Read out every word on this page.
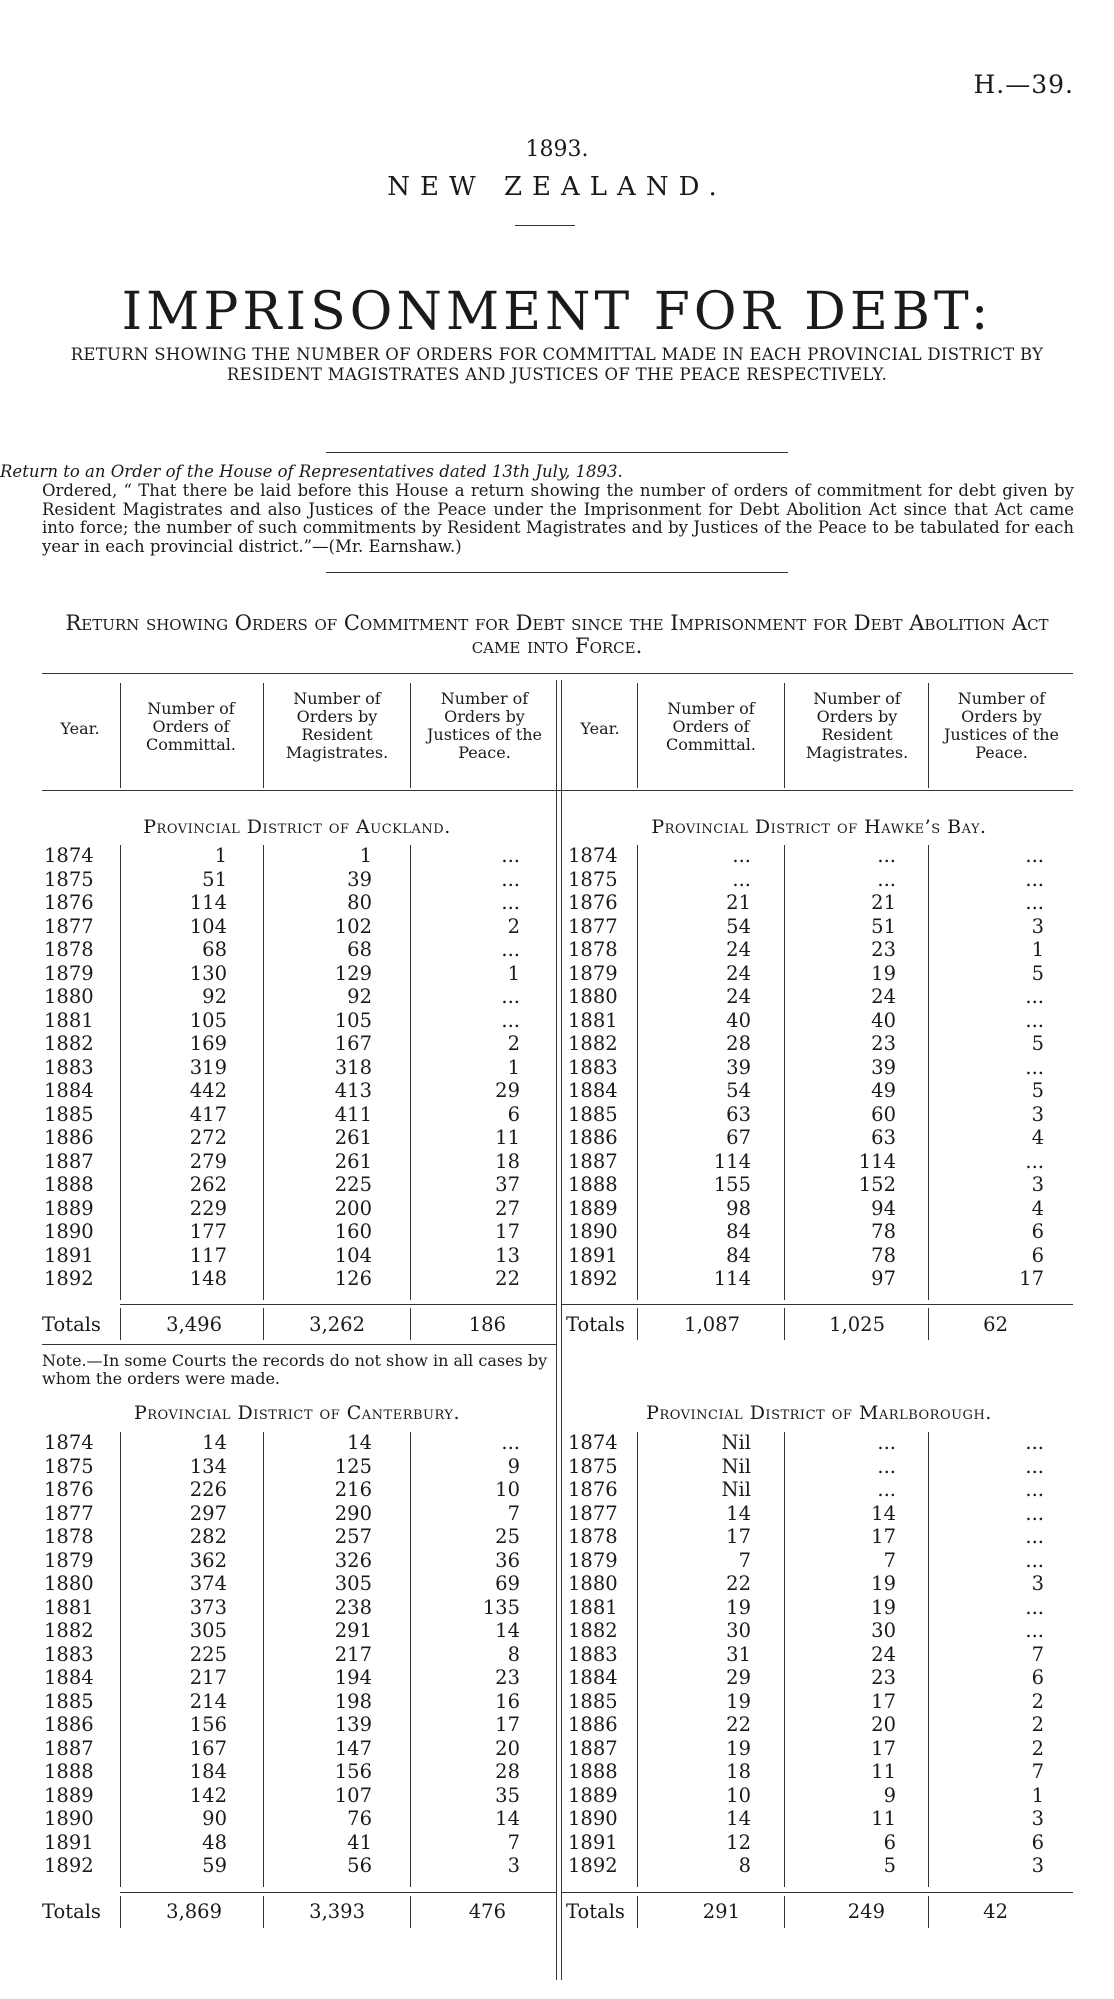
H.—39.
1893.
NEW ZEALAND.
IMPRISONMENT FOR DEBT:
RETURN SHOWING THE NUMBER OF ORDERS FOR COMMITTAL MADE IN EACH PROVINCIAL DISTRICT BY RESIDENT MAGISTRATES AND JUSTICES OF THE PEACE RESPECTIVELY.
Return to an Order of the House of Representatives dated 13th July, 1893.
Ordered, “ That there be laid before this House a return showing the number of orders of commitment for debt given by Resident Magistrates and also Justices of the Peace under the Imprisonment for Debt Abolition Act since that Act came into force; the number of such commitments by Resident Magistrates and by Justices of the Peace to be tabulated for each year in each provincial district.”—(Mr. Earnshaw.)
Return showing Orders of Commitment for Debt since the Imprisonment for Debt Abolition Act came into Force.
Year.
Number of Orders of Committal.
Number of Orders by Resident Magistrates.
Number of Orders by Justices of the Peace.
Year.
Number of Orders of Committal.
Number of Orders by Resident Magistrates.
Number of Orders by Justices of the Peace.
Provincial District of Auckland.
1874	1	1	...
1875	51	39	...
1876	114	80	...
1877	104	102	2
1878	68	68	...
1879	130	129	1
1880	92	92	...
1881	105	105	...
1882	169	167	2
1883	319	318	1
1884	442	413	29
1885	417	411	6
1886	272	261	11
1887	279	261	18
1888	262	225	37
1889	229	200	27
1890	177	160	17
1891	117	104	13
1892	148	126	22
Totals	3,496	3,262	186
Provincial District of Hawke’s Bay.
1874	...	...	...
1875	...	...	...
1876	21	21	...
1877	54	51	3
1878	24	23	1
1879	24	19	5
1880	24	24	...
1881	40	40	...
1882	28	23	5
1883	39	39	...
1884	54	49	5
1885	63	60	3
1886	67	63	4
1887	114	114	...
1888	155	152	3
1889	98	94	4
1890	84	78	6
1891	84	78	6
1892	114	97	17
Totals	1,087	1,025	62
Note.—In some Courts the records do not show in all cases by whom the orders were made.
Provincial District of Canterbury.
1874	14	14	...
1875	134	125	9
1876	226	216	10
1877	297	290	7
1878	282	257	25
1879	362	326	36
1880	374	305	69
1881	373	238	135
1882	305	291	14
1883	225	217	8
1884	217	194	23
1885	214	198	16
1886	156	139	17
1887	167	147	20
1888	184	156	28
1889	142	107	35
1890	90	76	14
1891	48	41	7
1892	59	56	3
Totals	3,869	3,393	476
Provincial District of Marlborough.
1874	Nil	...	...
1875	Nil	...	...
1876	Nil	...	...
1877	14	14	...
1878	17	17	...
1879	7	7	...
1880	22	19	3
1881	19	19	...
1882	30	30	...
1883	31	24	7
1884	29	23	6
1885	19	17	2
1886	22	20	2
1887	19	17	2
1888	18	11	7
1889	10	9	1
1890	14	11	3
1891	12	6	6
1892	8	5	3
Totals	291	249	42
